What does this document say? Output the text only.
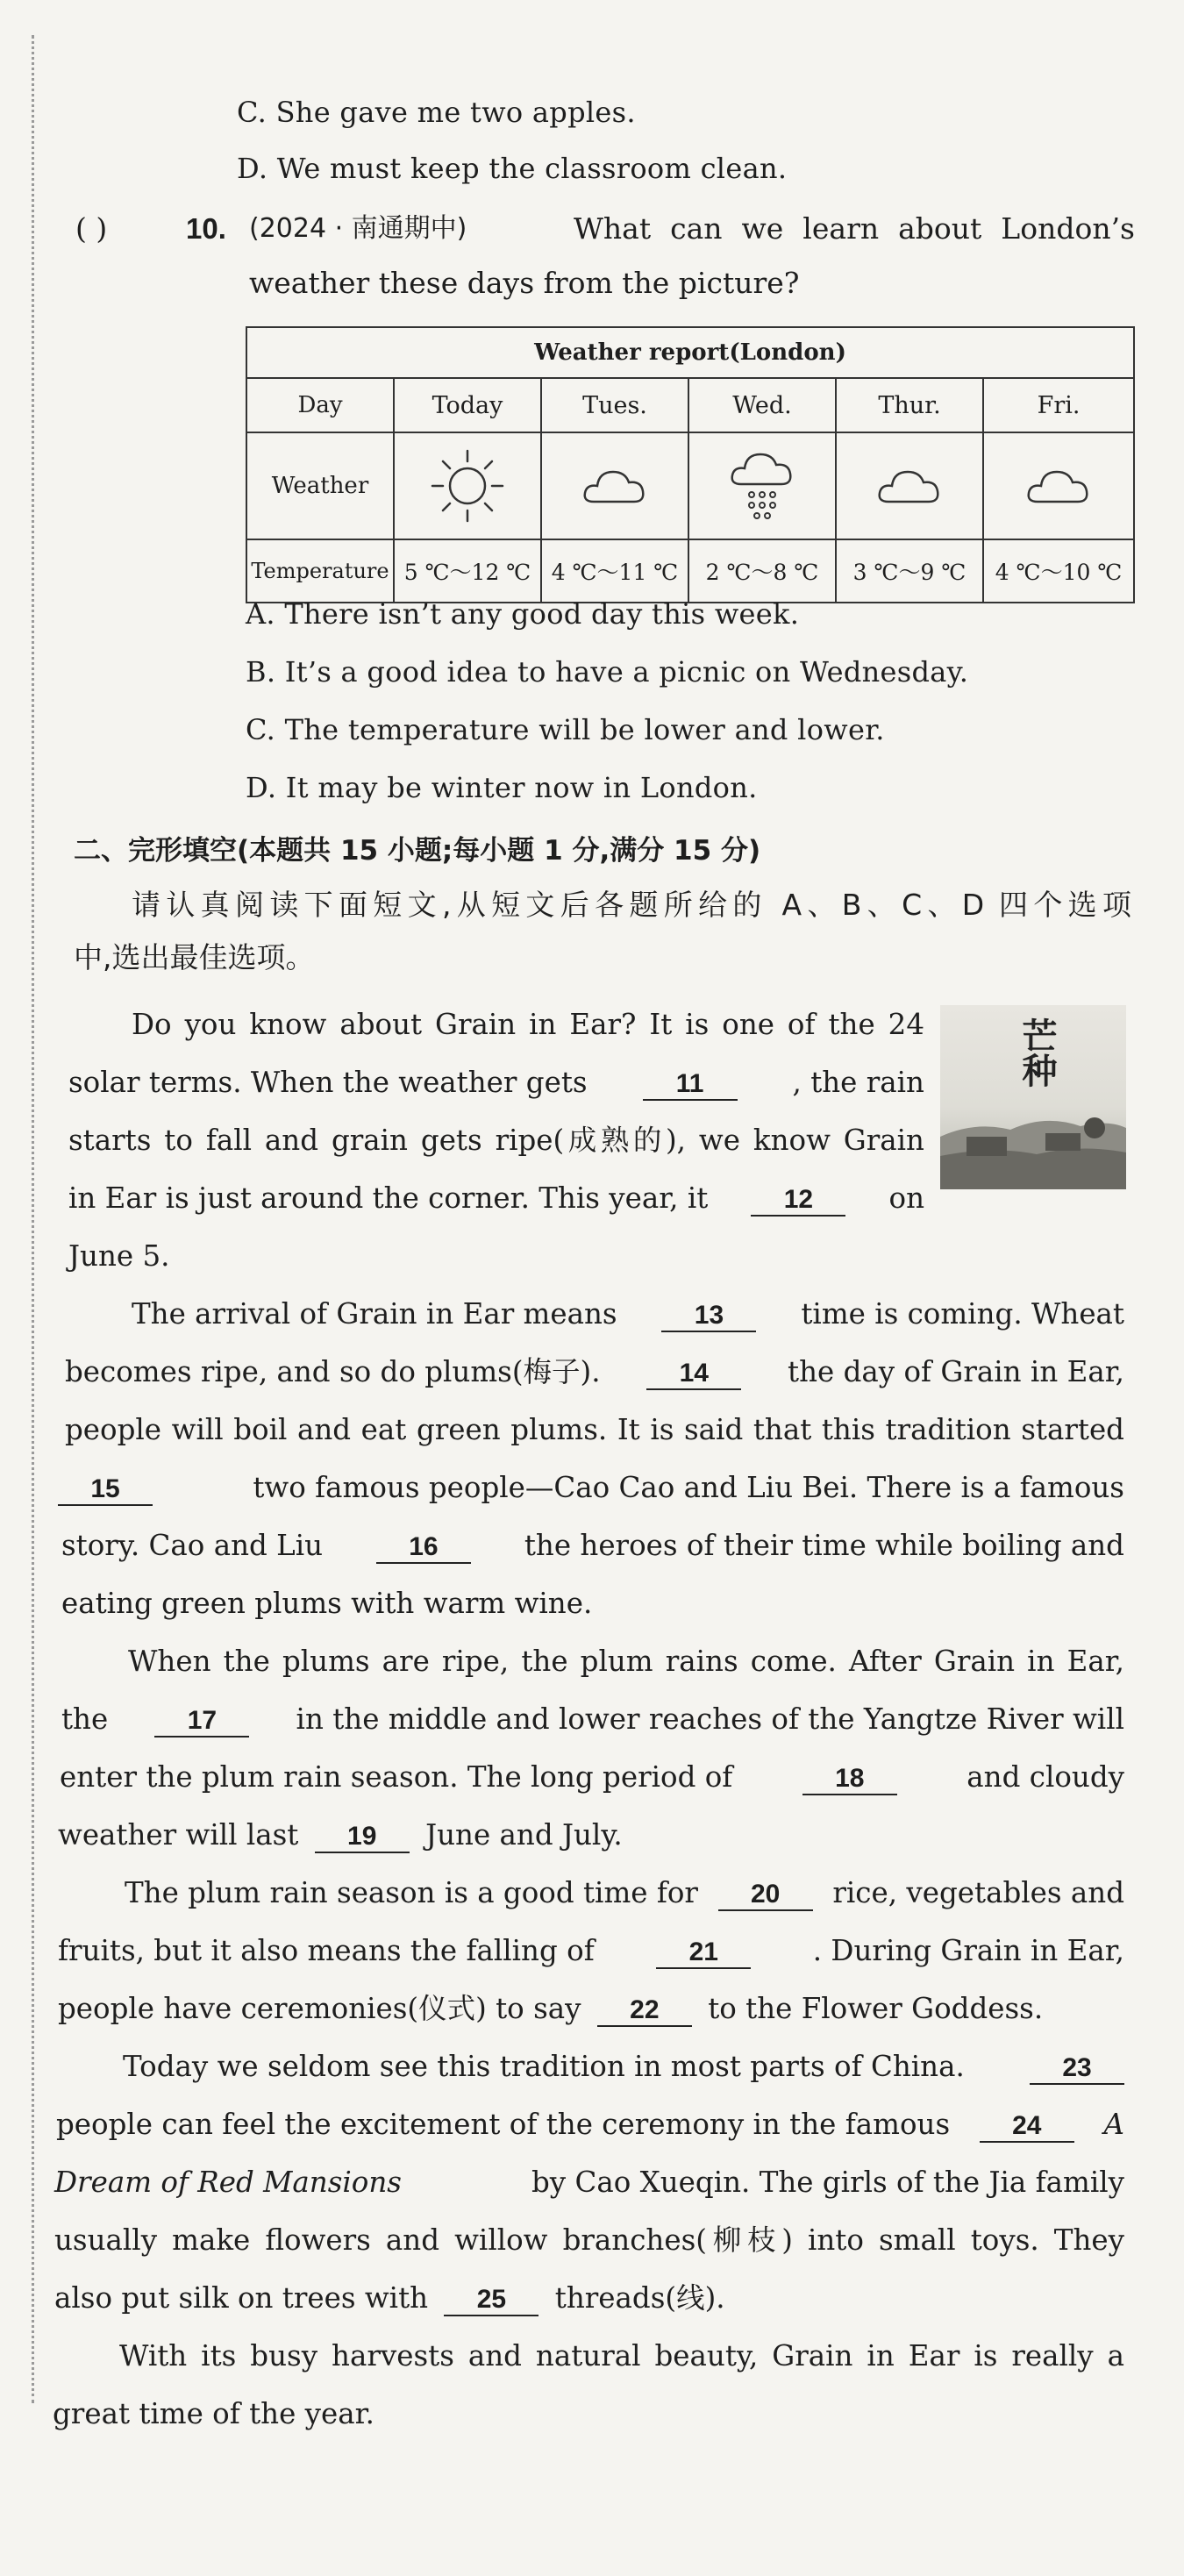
C. She gave me two apples.
D. We must keep the classroom clean.
( )	10. (2024 · 南通期中)	What can we learn about London’s
weather these days from the picture?
Weather report(London)					
Day	Today	Tues.	Wed.	Thur.	Fri.
Weather					
Temperature	5 ℃～12 ℃	4 ℃～11 ℃	2 ℃～8 ℃	3 ℃～9 ℃	4 ℃～10 ℃
A. There isn’t any good day this week.
B. It’s a good idea to have a picnic on Wednesday.
C. The temperature will be lower and lower.
D. It may be winter now in London.
二、完形填空(本题共 15 小题;每小题 1 分,满分 15 分)
请认真阅读下面短文,从短文后各题所给的 A、B、C、D 四个选项
中,选出最佳选项。
芒种
Do you know about Grain in Ear? It is one of the 24
solar terms. When the weather gets	11	, the rain
starts to fall and grain gets ripe(成熟的), we know Grain
in Ear is just around the corner. This year, it	12	on
June 5.
The arrival of Grain in Ear means	13	time is coming. Wheat
becomes ripe, and so do plums(梅子).	14	the day of Grain in Ear,
people will boil and eat green plums. It is said that this tradition started
15	two famous people—Cao Cao and Liu Bei. There is a famous
story. Cao and Liu	16	the heroes of their time while boiling and
eating green plums with warm wine.
When the plums are ripe, the plum rains come. After Grain in Ear,
the	17	in the middle and lower reaches of the Yangtze River will
enter the plum rain season. The long period of	18	and cloudy
weather will last 19 June and July.
The plum rain season is a good time for	20	rice, vegetables and
fruits, but it also means the falling of	21	. During Grain in Ear,
people have ceremonies(仪式) to say 22 to the Flower Goddess.
Today we seldom see this tradition in most parts of China.	23
people can feel the excitement of the ceremony in the famous	24	A
Dream of Red Mansions	by Cao Xueqin. The girls of the Jia family
usually make flowers and willow branches(柳枝) into small toys. They
also put silk on trees with 25 threads(线).
With its busy harvests and natural beauty, Grain in Ear is really a
great time of the year.
